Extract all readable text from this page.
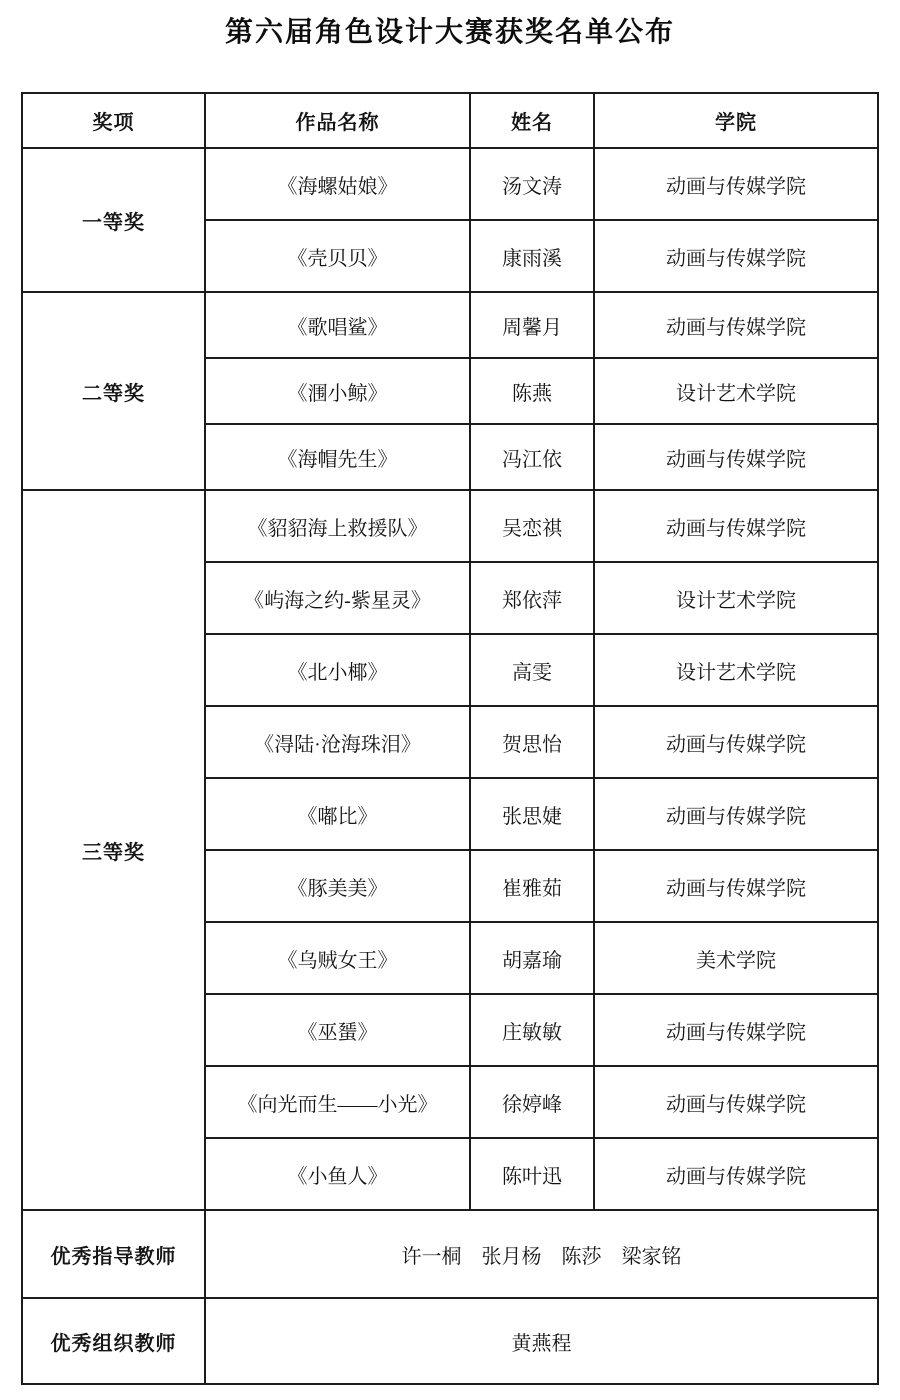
第六届角色设计大赛获奖名单公布
奖项	作品名称	姓名	学院
一等奖	《海螺姑娘》	汤文涛	动画与传媒学院
	《壳贝贝》	康雨溪	动画与传媒学院
二等奖	《歌唱鲨》	周馨月	动画与传媒学院
	《涠小鲸》	陈燕	设计艺术学院
	《海帽先生》	冯江依	动画与传媒学院
三等奖	《貂貂海上救援队》	吴恋祺	动画与传媒学院
	《屿海之约-紫星灵》	郑依萍	设计艺术学院
	《北小椰》	高雯	设计艺术学院
	《淂陆·沧海珠泪》	贺思怡	动画与传媒学院
	《嘟比》	张思婕	动画与传媒学院
	《豚美美》	崔雅茹	动画与传媒学院
	《乌贼女王》	胡嘉瑜	美术学院
	《巫蜑》	庄敏敏	动画与传媒学院
	《向光而生——小光》	徐婷峰	动画与传媒学院
	《小鱼人》	陈叶迅	动画与传媒学院
优秀指导教师	许一桐　张月杨　陈莎　梁家铭		
优秀组织教师	黄燕程		
